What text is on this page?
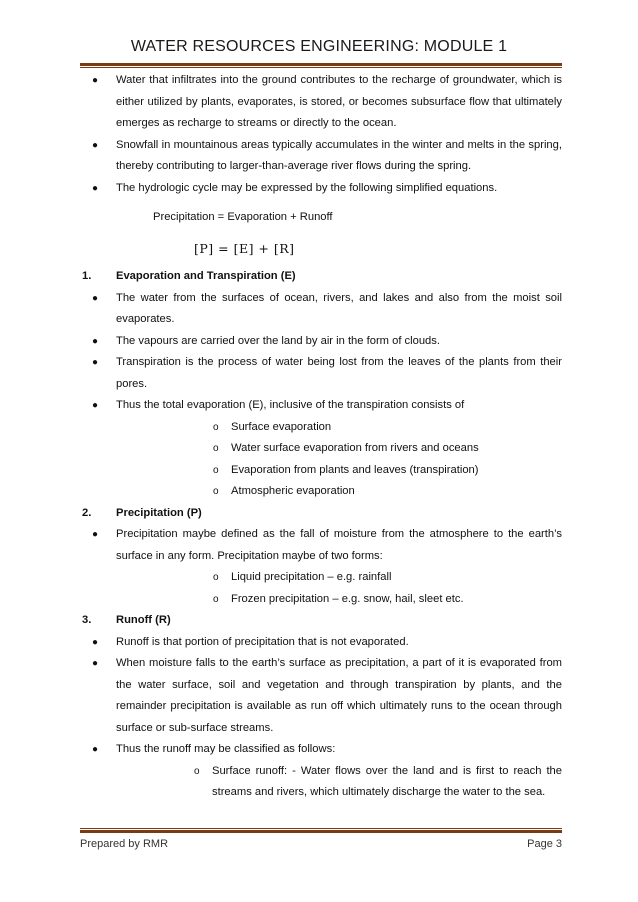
WATER RESOURCES ENGINEERING: MODULE 1
● Water that infiltrates into the ground contributes to the recharge of groundwater, which is either utilized by plants, evaporates, is stored, or becomes subsurface flow that ultimately emerges as recharge to streams or directly to the ocean.
● Snowfall in mountainous areas typically accumulates in the winter and melts in the spring, thereby contributing to larger-than-average river flows during the spring.
● The hydrologic cycle may be expressed by the following simplified equations.
Precipitation = Evaporation + Runoff
[P] = [E] + [R]
1. Evaporation and Transpiration (E)
● The water from the surfaces of ocean, rivers, and lakes and also from the moist soil evaporates.
● The vapours are carried over the land by air in the form of clouds.
● Transpiration is the process of water being lost from the leaves of the plants from their pores.
● Thus the total evaporation (E), inclusive of the transpiration consists of
o Surface evaporation
o Water surface evaporation from rivers and oceans
o Evaporation from plants and leaves (transpiration)
o Atmospheric evaporation
2. Precipitation (P)
● Precipitation maybe defined as the fall of moisture from the atmosphere to the earth’s surface in any form. Precipitation maybe of two forms:
o Liquid precipitation – e.g. rainfall
o Frozen precipitation – e.g. snow, hail, sleet etc.
3. Runoff (R)
● Runoff is that portion of precipitation that is not evaporated.
● When moisture falls to the earth’s surface as precipitation, a part of it is evaporated from the water surface, soil and vegetation and through transpiration by plants, and the remainder precipitation is available as run off which ultimately runs to the ocean through surface or sub-surface streams.
● Thus the runoff may be classified as follows:
o Surface runoff: - Water flows over the land and is first to reach the streams and rivers, which ultimately discharge the water to the sea.
Prepared by RMR	Page 3
